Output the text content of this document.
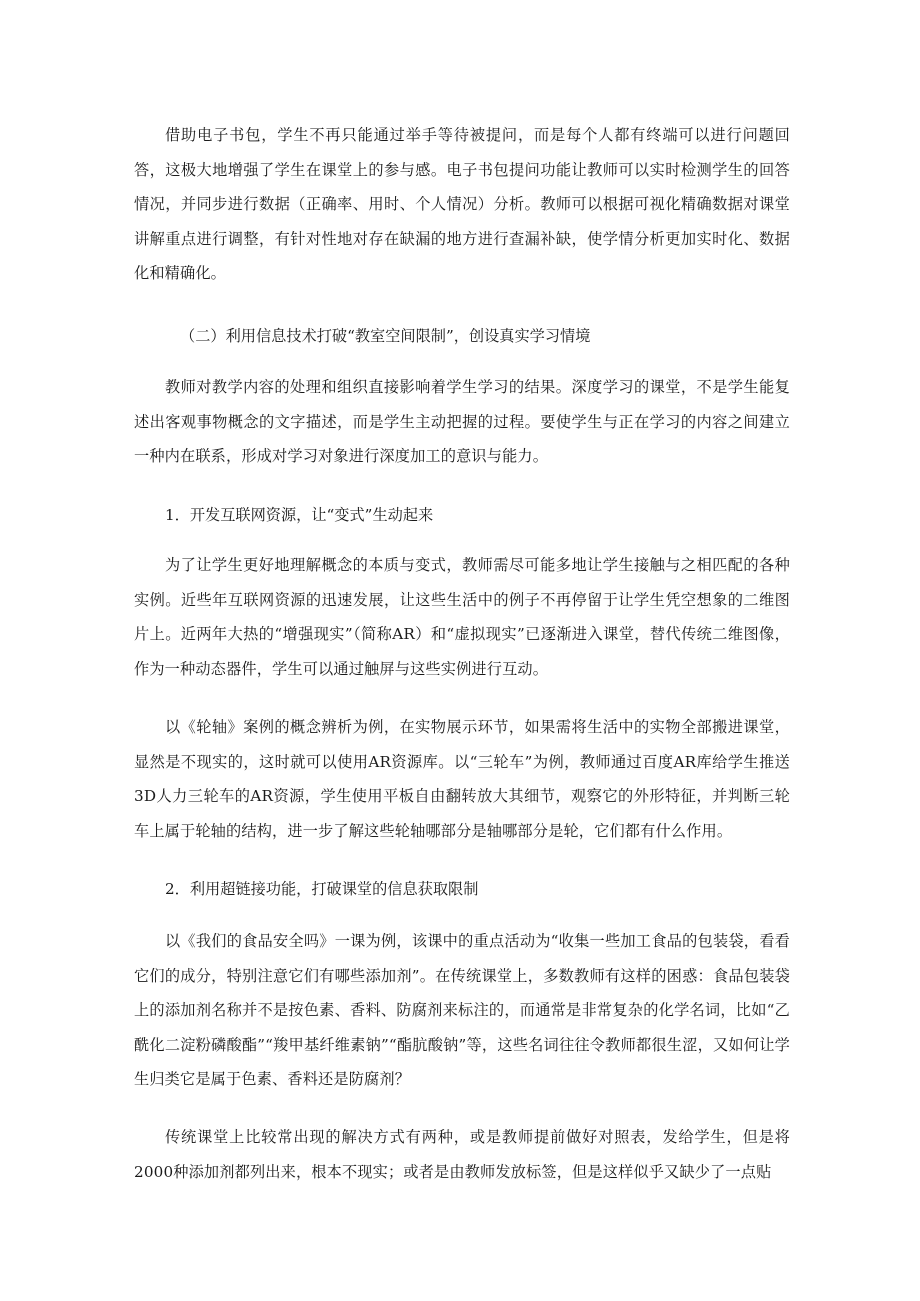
借助电子书包，学生不再只能通过举手等待被提问，而是每个人都有终端可以进行问题回答，这极大地增强了学生在课堂上的参与感。电子书包提问功能让教师可以实时检测学生的回答情况，并同步进行数据（正确率、用时、个人情况）分析。教师可以根据可视化精确数据对课堂讲解重点进行调整，有针对性地对存在缺漏的地方进行查漏补缺，使学情分析更加实时化、数据化和精确化。

（二）利用信息技术打破“教室空间限制”，创设真实学习情境

教师对教学内容的处理和组织直接影响着学生学习的结果。深度学习的课堂，不是学生能复述出客观事物概念的文字描述，而是学生主动把握的过程。要使学生与正在学习的内容之间建立一种内在联系，形成对学习对象进行深度加工的意识与能力。

1．开发互联网资源，让“变式”生动起来

为了让学生更好地理解概念的本质与变式，教师需尽可能多地让学生接触与之相匹配的各种实例。近些年互联网资源的迅速发展，让这些生活中的例子不再停留于让学生凭空想象的二维图片上。近两年大热的“增强现实”（简称AR）和“虚拟现实”已逐渐进入课堂，替代传统二维图像，作为一种动态器件，学生可以通过触屏与这些实例进行互动。

以《轮轴》案例的概念辨析为例，在实物展示环节，如果需将生活中的实物全部搬进课堂，显然是不现实的，这时就可以使用AR资源库。以“三轮车”为例，教师通过百度AR库给学生推送3D人力三轮车的AR资源，学生使用平板自由翻转放大其细节，观察它的外形特征，并判断三轮车上属于轮轴的结构，进一步了解这些轮轴哪部分是轴哪部分是轮，它们都有什么作用。

2．利用超链接功能，打破课堂的信息获取限制

以《我们的食品安全吗》一课为例，该课中的重点活动为“收集一些加工食品的包装袋，看看它们的成分，特别注意它们有哪些添加剂”。在传统课堂上，多数教师有这样的困惑：食品包装袋上的添加剂名称并不是按色素、香料、防腐剂来标注的，而通常是非常复杂的化学名词，比如“乙酰化二淀粉磷酸酯”“羧甲基纤维素钠”“酯肮酸钠”等，这些名词往往令教师都很生涩，又如何让学生归类它是属于色素、香料还是防腐剂？

传统课堂上比较常出现的解决方式有两种，或是教师提前做好对照表，发给学生，但是将2000种添加剂都列出来，根本不现实；或者是由教师发放标签，但是这样似乎又缺少了一点贴
